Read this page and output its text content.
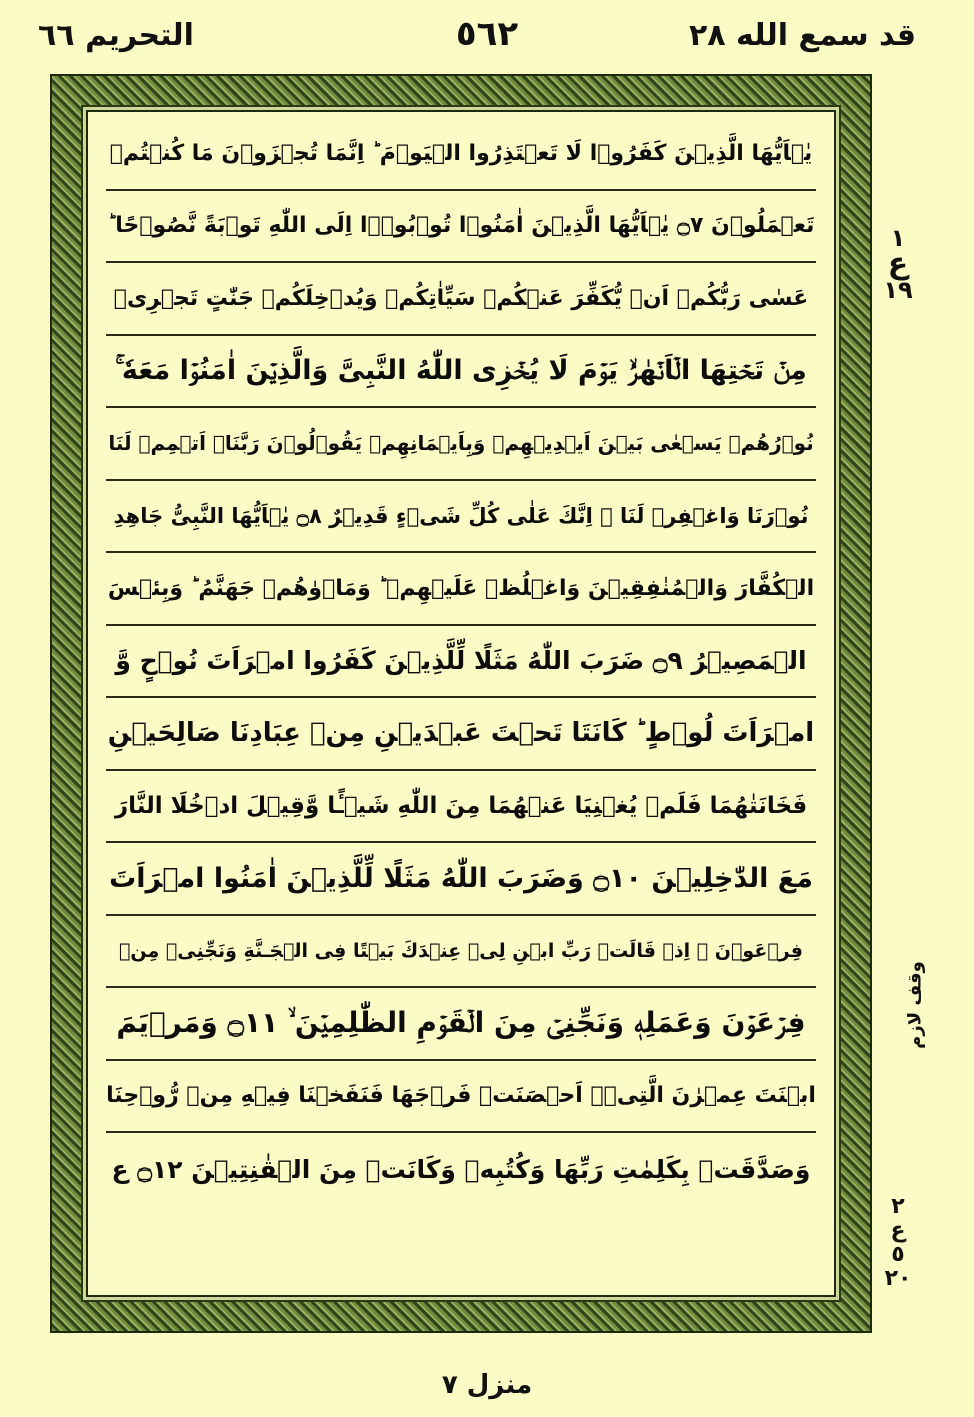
قد سمع الله ٢٨
٥٦٢
التحريم ٦٦
يٰۤاَيُّهَا الَّذِيۡنَ كَفَرُوۡا لَا تَعۡتَذِرُوا الۡيَوۡمَ ؕ اِنَّمَا تُجۡزَوۡنَ مَا كُنۡتُمۡ
تَعۡمَلُوۡنَ ۝٧ يٰۤاَيُّهَا الَّذِيۡنَ اٰمَنُوۡا تُوۡبُوۡۤا اِلَى اللّٰهِ تَوۡبَةً نَّصُوۡحًا ؕ
عَسٰى رَبُّكُمۡ اَنۡ يُّكَفِّرَ عَنۡكُمۡ سَيِّاٰتِكُمۡ وَيُدۡخِلَكُمۡ جَنّٰتٍ تَجۡرِىۡ
مِنۡ تَحۡتِهَا الۡاَنۡهٰرُۙ يَوۡمَ لَا يُخۡزِى اللّٰهُ النَّبِىَّ وَالَّذِيۡنَ اٰمَنُوۡا مَعَهٗ ۚ
نُوۡرُهُمۡ يَسۡعٰى بَيۡنَ اَيۡدِيۡهِمۡ وَبِاَيۡمَانِهِمۡ يَقُوۡلُوۡنَ رَبَّنَاۤ اَتۡمِمۡ لَنَا
نُوۡرَنَا وَاغۡفِرۡ لَنَا ۚ اِنَّكَ عَلٰى كُلِّ شَىۡءٍ قَدِيۡرٌ ۝٨ يٰۤاَيُّهَا النَّبِىُّ جَاهِدِ
الۡكُفَّارَ وَالۡمُنٰفِقِيۡنَ وَاغۡلُظۡ عَلَيۡهِمۡ ؕ وَمَاۡوٰهُمۡ جَهَنَّمُ ؕ وَبِئۡسَ
الۡمَصِيۡرُ ۝٩ ضَرَبَ اللّٰهُ مَثَلًا لِّلَّذِيۡنَ كَفَرُوا امۡرَاَتَ نُوۡحٍ وَّ
امۡرَاَتَ لُوۡطٍ ؕ كَانَتَا تَحۡتَ عَبۡدَيۡنِ مِنۡ عِبَادِنَا صَالِحَيۡنِ
فَخَانَتٰهُمَا فَلَمۡ يُغۡنِيَا عَنۡهُمَا مِنَ اللّٰهِ شَيۡـًٔا وَّقِيۡلَ ادۡخُلَا النَّارَ
مَعَ الدّٰخِلِيۡنَ ۝١٠ وَضَرَبَ اللّٰهُ مَثَلًا لِّلَّذِيۡنَ اٰمَنُوا امۡرَاَتَ
فِرۡعَوۡنَ ۘ اِذۡ قَالَتۡ رَبِّ ابۡنِ لِىۡ عِنۡدَكَ بَيۡتًا فِى الۡجَـنَّةِ وَنَجِّنِىۡ مِنۡ
فِرۡعَوۡنَ وَعَمَلِهٖ وَنَجِّنِىۡ مِنَ الۡقَوۡمِ الظّٰلِمِيۡنَ ۙ ۝١١ وَمَرۡيَمَ
ابۡنَتَ عِمۡرٰنَ الَّتِىۡۤ اَحۡصَنَتۡ فَرۡجَهَا فَنَفَخۡنَا فِيۡهِ مِنۡ رُّوۡحِنَا
وَصَدَّقَتۡ بِكَلِمٰتِ رَبِّهَا وَكُتُبِهٖ وَكَانَتۡ مِنَ الۡقٰنِتِيۡنَ ۝١٢ ع
١
ع
١٩
وقف لازم
٢
ع
٥
٢٠
منزل ٧
